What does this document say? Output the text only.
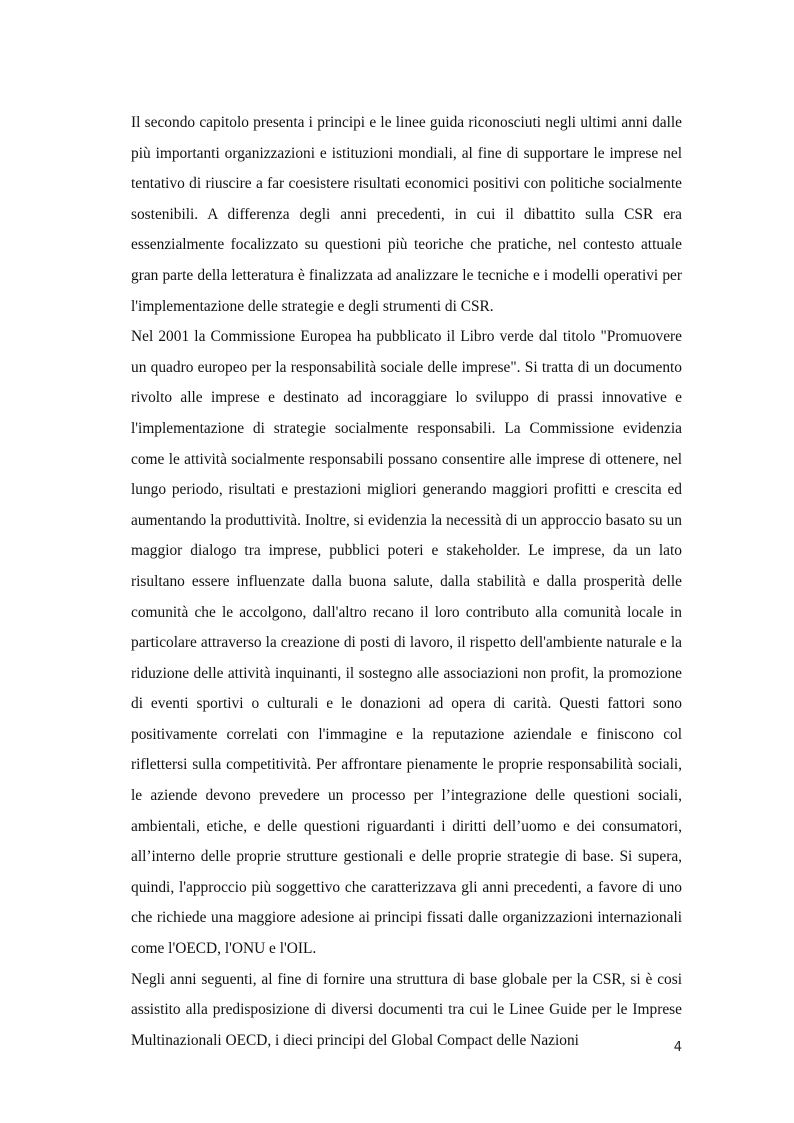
Il secondo capitolo presenta i principi e le linee guida riconosciuti negli ultimi anni dalle più importanti organizzazioni e istituzioni mondiali, al fine di supportare le imprese nel tentativo di riuscire a far coesistere risultati economici positivi con politiche socialmente sostenibili. A differenza degli anni precedenti, in cui il dibattito sulla CSR era essenzialmente focalizzato su questioni più teoriche che pratiche, nel contesto attuale gran parte della letteratura è finalizzata ad analizzare le tecniche e i modelli operativi per l'implementazione delle strategie e degli strumenti di CSR.

Nel 2001 la Commissione Europea ha pubblicato il Libro verde dal titolo "Promuovere un quadro europeo per la responsabilità sociale delle imprese". Si tratta di un documento rivolto alle imprese e destinato ad incoraggiare lo sviluppo di prassi innovative e l'implementazione di strategie socialmente responsabili. La Commissione evidenzia come le attività socialmente responsabili possano consentire alle imprese di ottenere, nel lungo periodo, risultati e prestazioni migliori generando maggiori profitti e crescita ed aumentando la produttività. Inoltre, si evidenzia la necessità di un approccio basato su un maggior dialogo tra imprese, pubblici poteri e stakeholder. Le imprese, da un lato risultano essere influenzate dalla buona salute, dalla stabilità e dalla prosperità delle comunità che le accolgono, dall'altro recano il loro contributo alla comunità locale in particolare attraverso la creazione di posti di lavoro, il rispetto dell'ambiente naturale e la riduzione delle attività inquinanti, il sostegno alle associazioni non profit, la promozione di eventi sportivi o culturali e le donazioni ad opera di carità. Questi fattori sono positivamente correlati con l'immagine e la reputazione aziendale e finiscono col riflettersi sulla competitività. Per affrontare pienamente le proprie responsabilità sociali, le aziende devono prevedere un processo per l’integrazione delle questioni sociali, ambientali, etiche, e delle questioni riguardanti i diritti dell’uomo e dei consumatori, all’interno delle proprie strutture gestionali e delle proprie strategie di base. Si supera, quindi, l'approccio più soggettivo che caratterizzava gli anni precedenti, a favore di uno che richiede una maggiore adesione ai principi fissati dalle organizzazioni internazionali come l'OECD, l'ONU e l'OIL.

Negli anni seguenti, al fine di fornire una struttura di base globale per la CSR, si è cosi assistito alla predisposizione di diversi documenti tra cui le Linee Guide per le Imprese Multinazionali OECD, i dieci principi del Global Compact delle Nazioni	4
